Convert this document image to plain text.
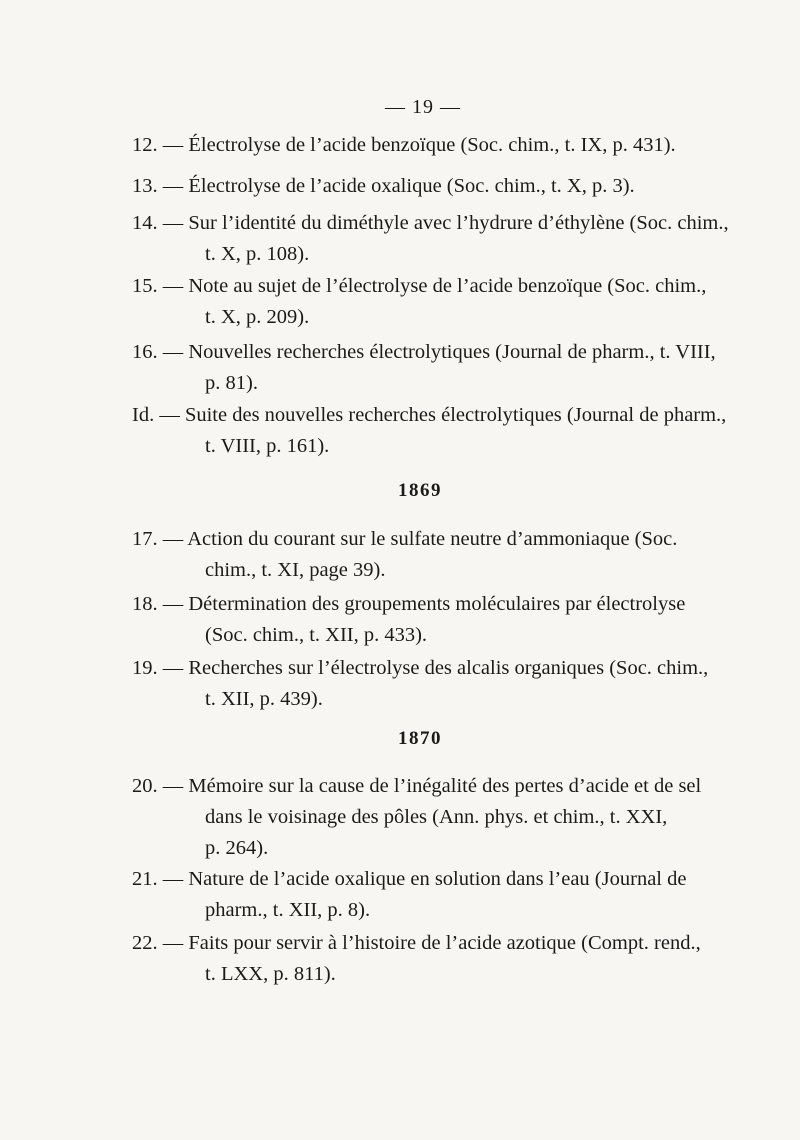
— 19 —
12. — Électrolyse de l’acide benzoïque (Soc. chim., t. IX, p. 431).
13. — Électrolyse de l’acide oxalique (Soc. chim., t. X, p. 3).
14. — Sur l’identité du diméthyle avec l’hydrure d’éthylène (Soc. chim.,
t. X, p. 108).
15. — Note au sujet de l’électrolyse de l’acide benzoïque (Soc. chim.,
t. X, p. 209).
16. — Nouvelles recherches électrolytiques (Journal de pharm., t. VIII,
p. 81).
Id. — Suite des nouvelles recherches électrolytiques (Journal de pharm.,
t. VIII, p. 161).
1869
17. — Action du courant sur le sulfate neutre d’ammoniaque (Soc.
chim., t. XI, page 39).
18. — Détermination des groupements moléculaires par électrolyse
(Soc. chim., t. XII, p. 433).
19. — Recherches sur l’électrolyse des alcalis organiques (Soc. chim.,
t. XII, p. 439).
1870
20. — Mémoire sur la cause de l’inégalité des pertes d’acide et de sel
dans le voisinage des pôles (Ann. phys. et chim., t. XXI,
p. 264).
21. — Nature de l’acide oxalique en solution dans l’eau (Journal de
pharm., t. XII, p. 8).
22. — Faits pour servir à l’histoire de l’acide azotique (Compt. rend.,
t. LXX, p. 811).
